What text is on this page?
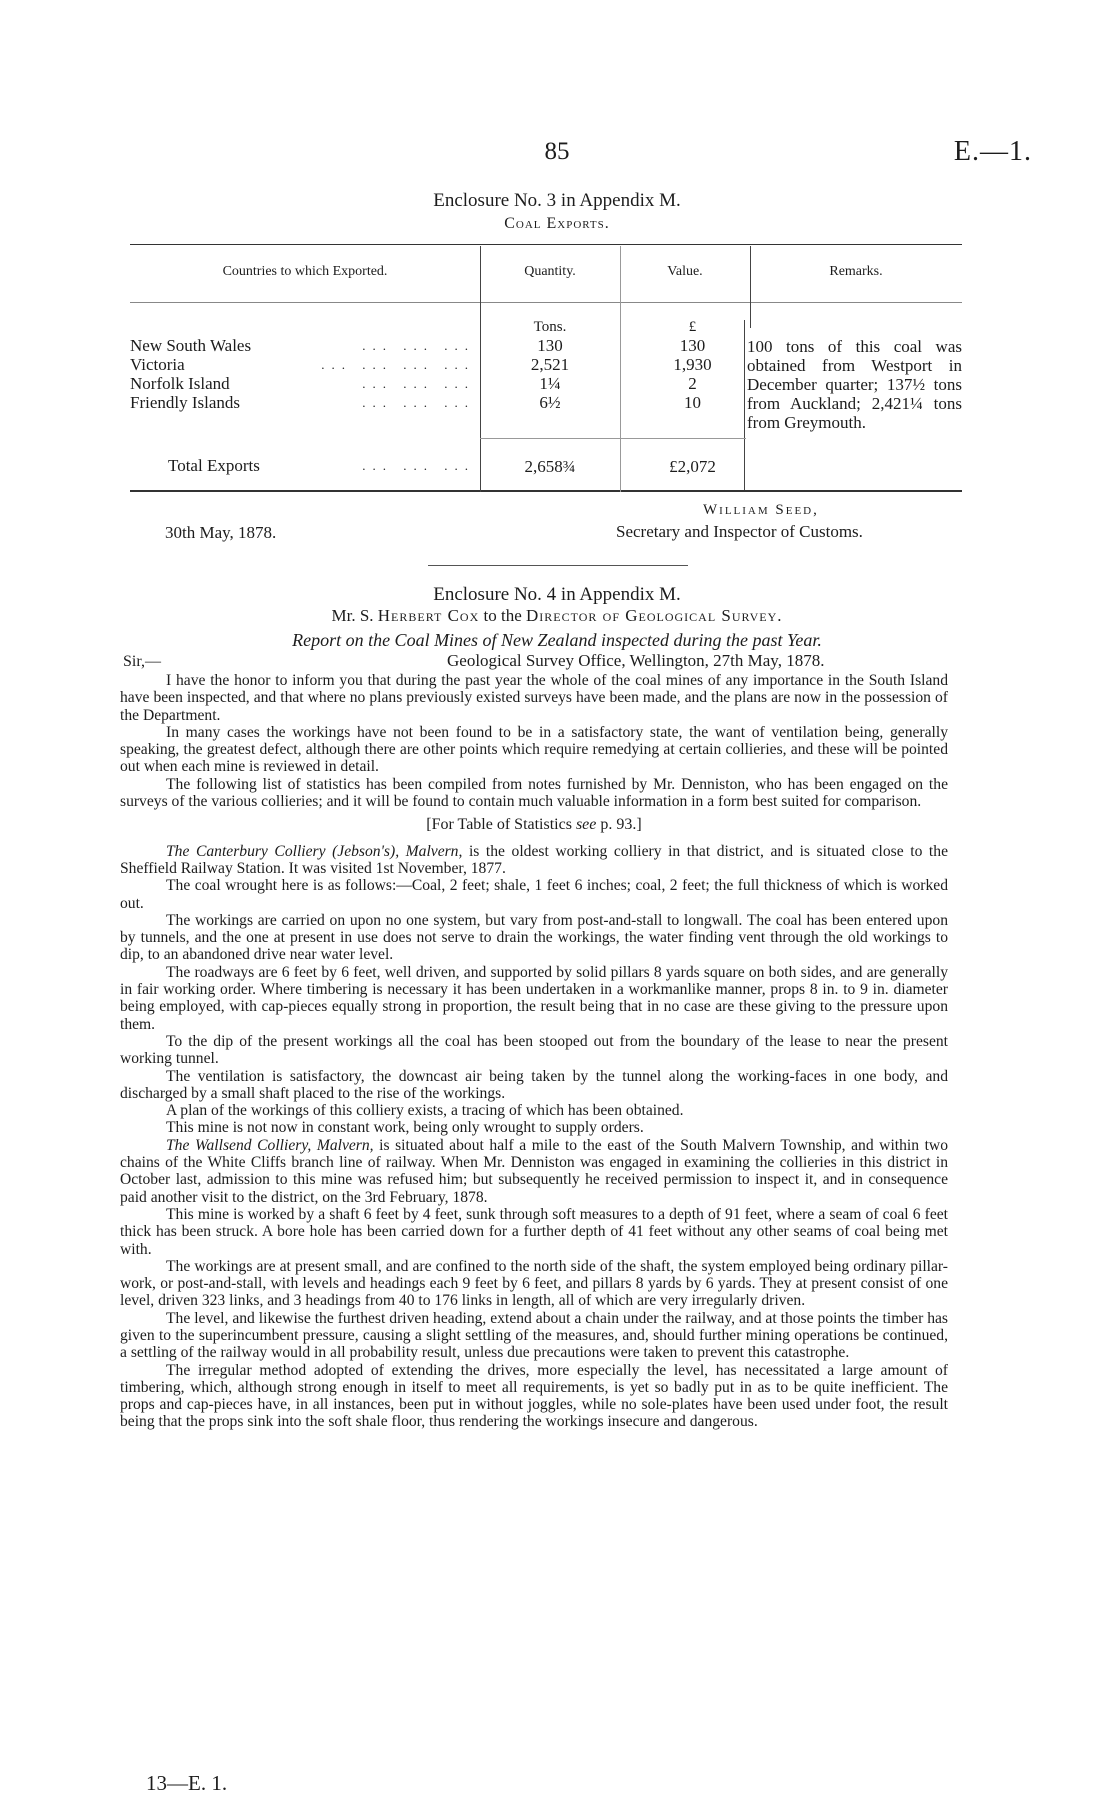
85	E.—1.
Enclosure No. 3 in Appendix M.
Coal Exports.
Countries to which Exported.	Quantity.	Value.	Remarks.
Tons.	£
New South Wales	... ... ...	130	130
Victoria	... ... ... ...	2,521	1,930
Norfolk Island	... ... ...	1¼	2
Friendly Islands	... ... ...	6½	10
Total Exports	... ... ...	2,658¾	£2,072
100 tons of this coal was obtained from Westport in December quarter; 137½ tons from Auckland; 2,421¼ tons from Greymouth.
William Seed,
30th May, 1878.	Secretary and Inspector of Customs.
Enclosure No. 4 in Appendix M.
Mr. S. Herbert Cox to the Director of Geological Survey.
Report on the Coal Mines of New Zealand inspected during the past Year.
Sir,—	Geological Survey Office, Wellington, 27th May, 1878.

I have the honor to inform you that during the past year the whole of the coal mines of any importance in the South Island have been inspected, and that where no plans previously existed surveys have been made, and the plans are now in the possession of the Department.

In many cases the workings have not been found to be in a satisfactory state, the want of ventilation being, generally speaking, the greatest defect, although there are other points which require remedying at certain collieries, and these will be pointed out when each mine is reviewed in detail.

The following list of statistics has been compiled from notes furnished by Mr. Denniston, who has been engaged on the surveys of the various collieries; and it will be found to contain much valuable information in a form best suited for comparison.

[For Table of Statistics see p. 93.]

The Canterbury Colliery (Jebson's), Malvern, is the oldest working colliery in that district, and is situated close to the Sheffield Railway Station. It was visited 1st November, 1877.

The coal wrought here is as follows:—Coal, 2 feet; shale, 1 feet 6 inches; coal, 2 feet; the full thickness of which is worked out.

The workings are carried on upon no one system, but vary from post-and-stall to longwall. The coal has been entered upon by tunnels, and the one at present in use does not serve to drain the workings, the water finding vent through the old workings to dip, to an abandoned drive near water level.

The roadways are 6 feet by 6 feet, well driven, and supported by solid pillars 8 yards square on both sides, and are generally in fair working order. Where timbering is necessary it has been undertaken in a workmanlike manner, props 8 in. to 9 in. diameter being employed, with cap-pieces equally strong in proportion, the result being that in no case are these giving to the pressure upon them.

To the dip of the present workings all the coal has been stooped out from the boundary of the lease to near the present working tunnel.

The ventilation is satisfactory, the downcast air being taken by the tunnel along the working-faces in one body, and discharged by a small shaft placed to the rise of the workings.

A plan of the workings of this colliery exists, a tracing of which has been obtained.

This mine is not now in constant work, being only wrought to supply orders.

The Wallsend Colliery, Malvern, is situated about half a mile to the east of the South Malvern Township, and within two chains of the White Cliffs branch line of railway. When Mr. Denniston was engaged in examining the collieries in this district in October last, admission to this mine was refused him; but subsequently he received permission to inspect it, and in consequence paid another visit to the district, on the 3rd February, 1878.

This mine is worked by a shaft 6 feet by 4 feet, sunk through soft measures to a depth of 91 feet, where a seam of coal 6 feet thick has been struck. A bore hole has been carried down for a further depth of 41 feet without any other seams of coal being met with.

The workings are at present small, and are confined to the north side of the shaft, the system employed being ordinary pillar-work, or post-and-stall, with levels and headings each 9 feet by 6 feet, and pillars 8 yards by 6 yards. They at present consist of one level, driven 323 links, and 3 headings from 40 to 176 links in length, all of which are very irregularly driven.

The level, and likewise the furthest driven heading, extend about a chain under the railway, and at those points the timber has given to the superincumbent pressure, causing a slight settling of the measures, and, should further mining operations be continued, a settling of the railway would in all probability result, unless due precautions were taken to prevent this catastrophe.

The irregular method adopted of extending the drives, more especially the level, has necessitated a large amount of timbering, which, although strong enough in itself to meet all requirements, is yet so badly put in as to be quite inefficient. The props and cap-pieces have, in all instances, been put in without joggles, while no sole-plates have been used under foot, the result being that the props sink into the soft shale floor, thus rendering the workings insecure and dangerous.

13—E. 1.
